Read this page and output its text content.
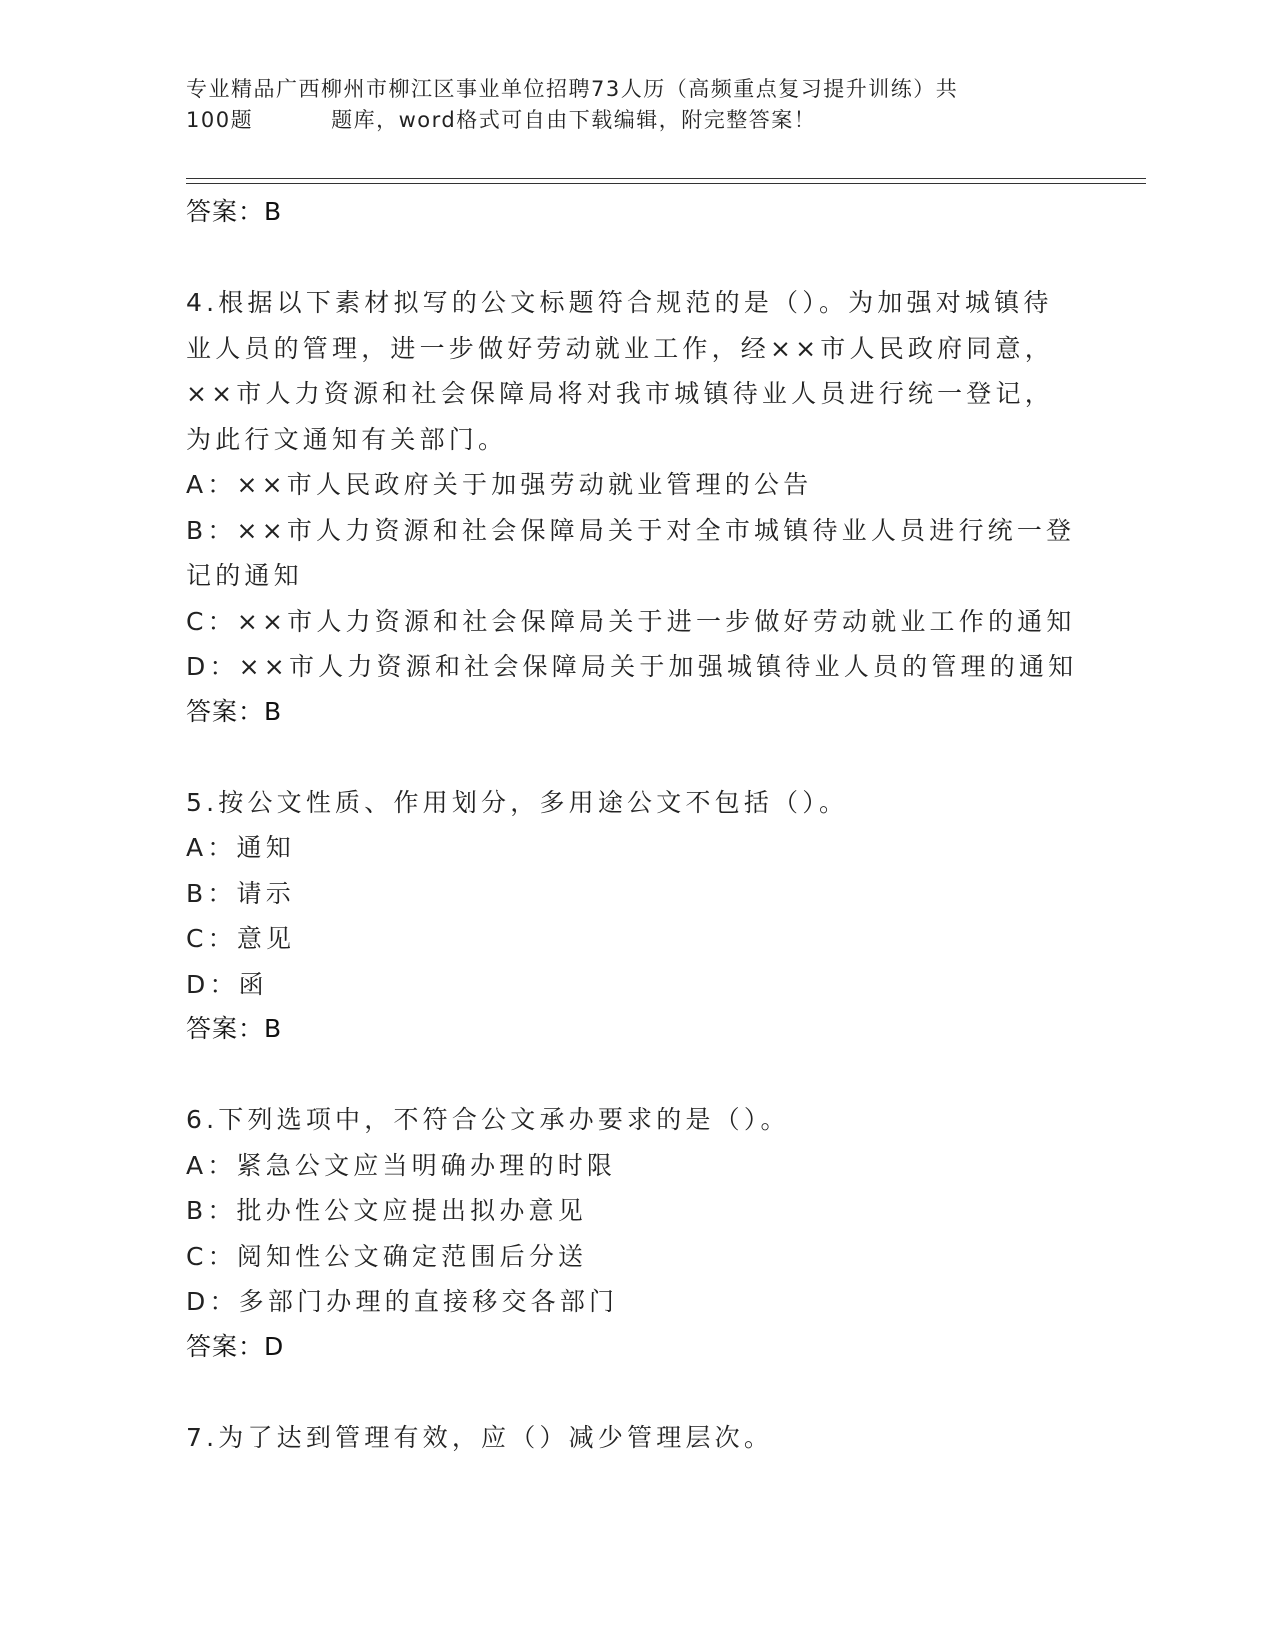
专业精品广西柳州市柳江区事业单位招聘73人历（高频重点复习提升训练）共
100题	题库，word格式可自由下载编辑，附完整答案！
答案：B
4.根据以下素材拟写的公文标题符合规范的是（）。为加强对城镇待
业人员的管理，进一步做好劳动就业工作，经××市人民政府同意，
××市人力资源和社会保障局将对我市城镇待业人员进行统一登记，
为此行文通知有关部门。
A：××市人民政府关于加强劳动就业管理的公告
B：××市人力资源和社会保障局关于对全市城镇待业人员进行统一登
记的通知
C：××市人力资源和社会保障局关于进一步做好劳动就业工作的通知
D：××市人力资源和社会保障局关于加强城镇待业人员的管理的通知
答案：B
5.按公文性质、作用划分，多用途公文不包括（）。
A：通知
B：请示
C：意见
D：函
答案：B
6.下列选项中，不符合公文承办要求的是（）。
A：紧急公文应当明确办理的时限
B：批办性公文应提出拟办意见
C：阅知性公文确定范围后分送
D：多部门办理的直接移交各部门
答案：D
7.为了达到管理有效，应（）减少管理层次。
